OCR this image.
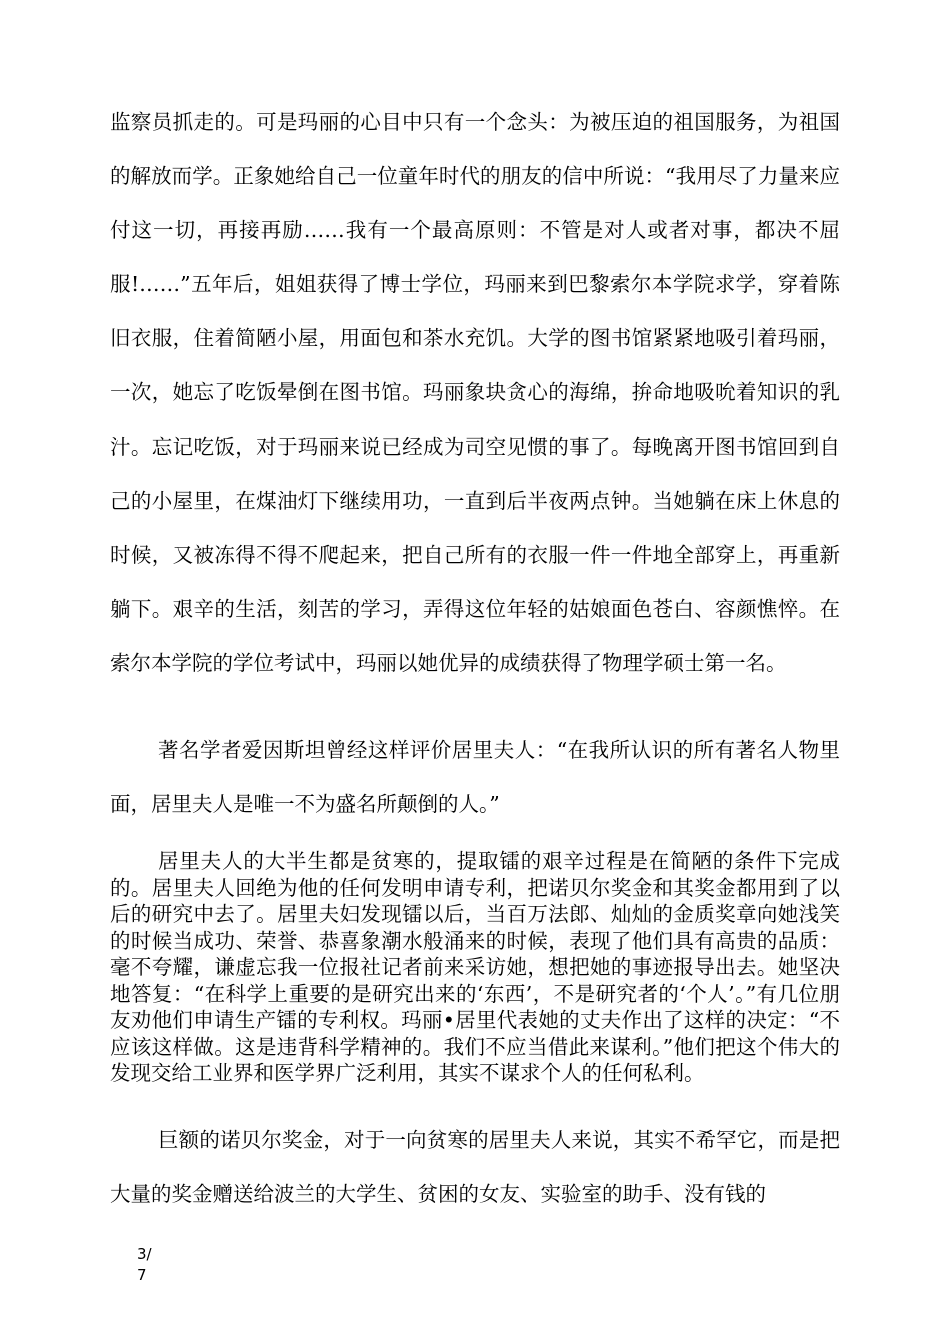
监察员抓走的。可是玛丽的心目中只有一个念头：为被压迫的祖国服务，为祖国的解放而学。正象她给自己一位童年时代的朋友的信中所说：“我用尽了力量来应付这一切，再接再励……我有一个最高原则：不管是对人或者对事，都决不屈服!……”五年后，姐姐获得了博士学位，玛丽来到巴黎索尔本学院求学，穿着陈旧衣服，住着简陋小屋，用面包和茶水充饥。大学的图书馆紧紧地吸引着玛丽，一次，她忘了吃饭晕倒在图书馆。玛丽象块贪心的海绵，拚命地吸吮着知识的乳汁。忘记吃饭，对于玛丽来说已经成为司空见惯的事了。每晚离开图书馆回到自己的小屋里，在煤油灯下继续用功，一直到后半夜两点钟。当她躺在床上休息的时候，又被冻得不得不爬起来，把自己所有的衣服一件一件地全部穿上，再重新躺下。艰辛的生活，刻苦的学习，弄得这位年轻的姑娘面色苍白、容颜憔悴。在索尔本学院的学位考试中，玛丽以她优异的成绩获得了物理学硕士第一名。

著名学者爱因斯坦曾经这样评价居里夫人：“在我所认识的所有著名人物里面，居里夫人是唯一不为盛名所颠倒的人。”

居里夫人的大半生都是贫寒的，提取镭的艰辛过程是在简陋的条件下完成的。居里夫人回绝为他的任何发明申请专利，把诺贝尔奖金和其奖金都用到了以后的研究中去了。居里夫妇发现镭以后，当百万法郎、灿灿的金质奖章向她浅笑的时候当成功、荣誉、恭喜象潮水般涌来的时候，表现了他们具有高贵的品质：毫不夸耀，谦虚忘我一位报社记者前来采访她，想把她的事迹报导出去。她坚决地答复：“在科学上重要的是研究出来的‘东西’，不是研究者的‘个人’。”有几位朋友劝他们申请生产镭的专利权。玛丽•居里代表她的丈夫作出了这样的决定：“不应该这样做。这是违背科学精神的。我们不应当借此来谋利。”他们把这个伟大的发现交给工业界和医学界广泛利用，其实不谋求个人的任何私利。

巨额的诺贝尔奖金，对于一向贫寒的居里夫人来说，其实不希罕它，而是把大量的奖金赠送给波兰的大学生、贫困的女友、实验室的助手、没有钱的

3/7
